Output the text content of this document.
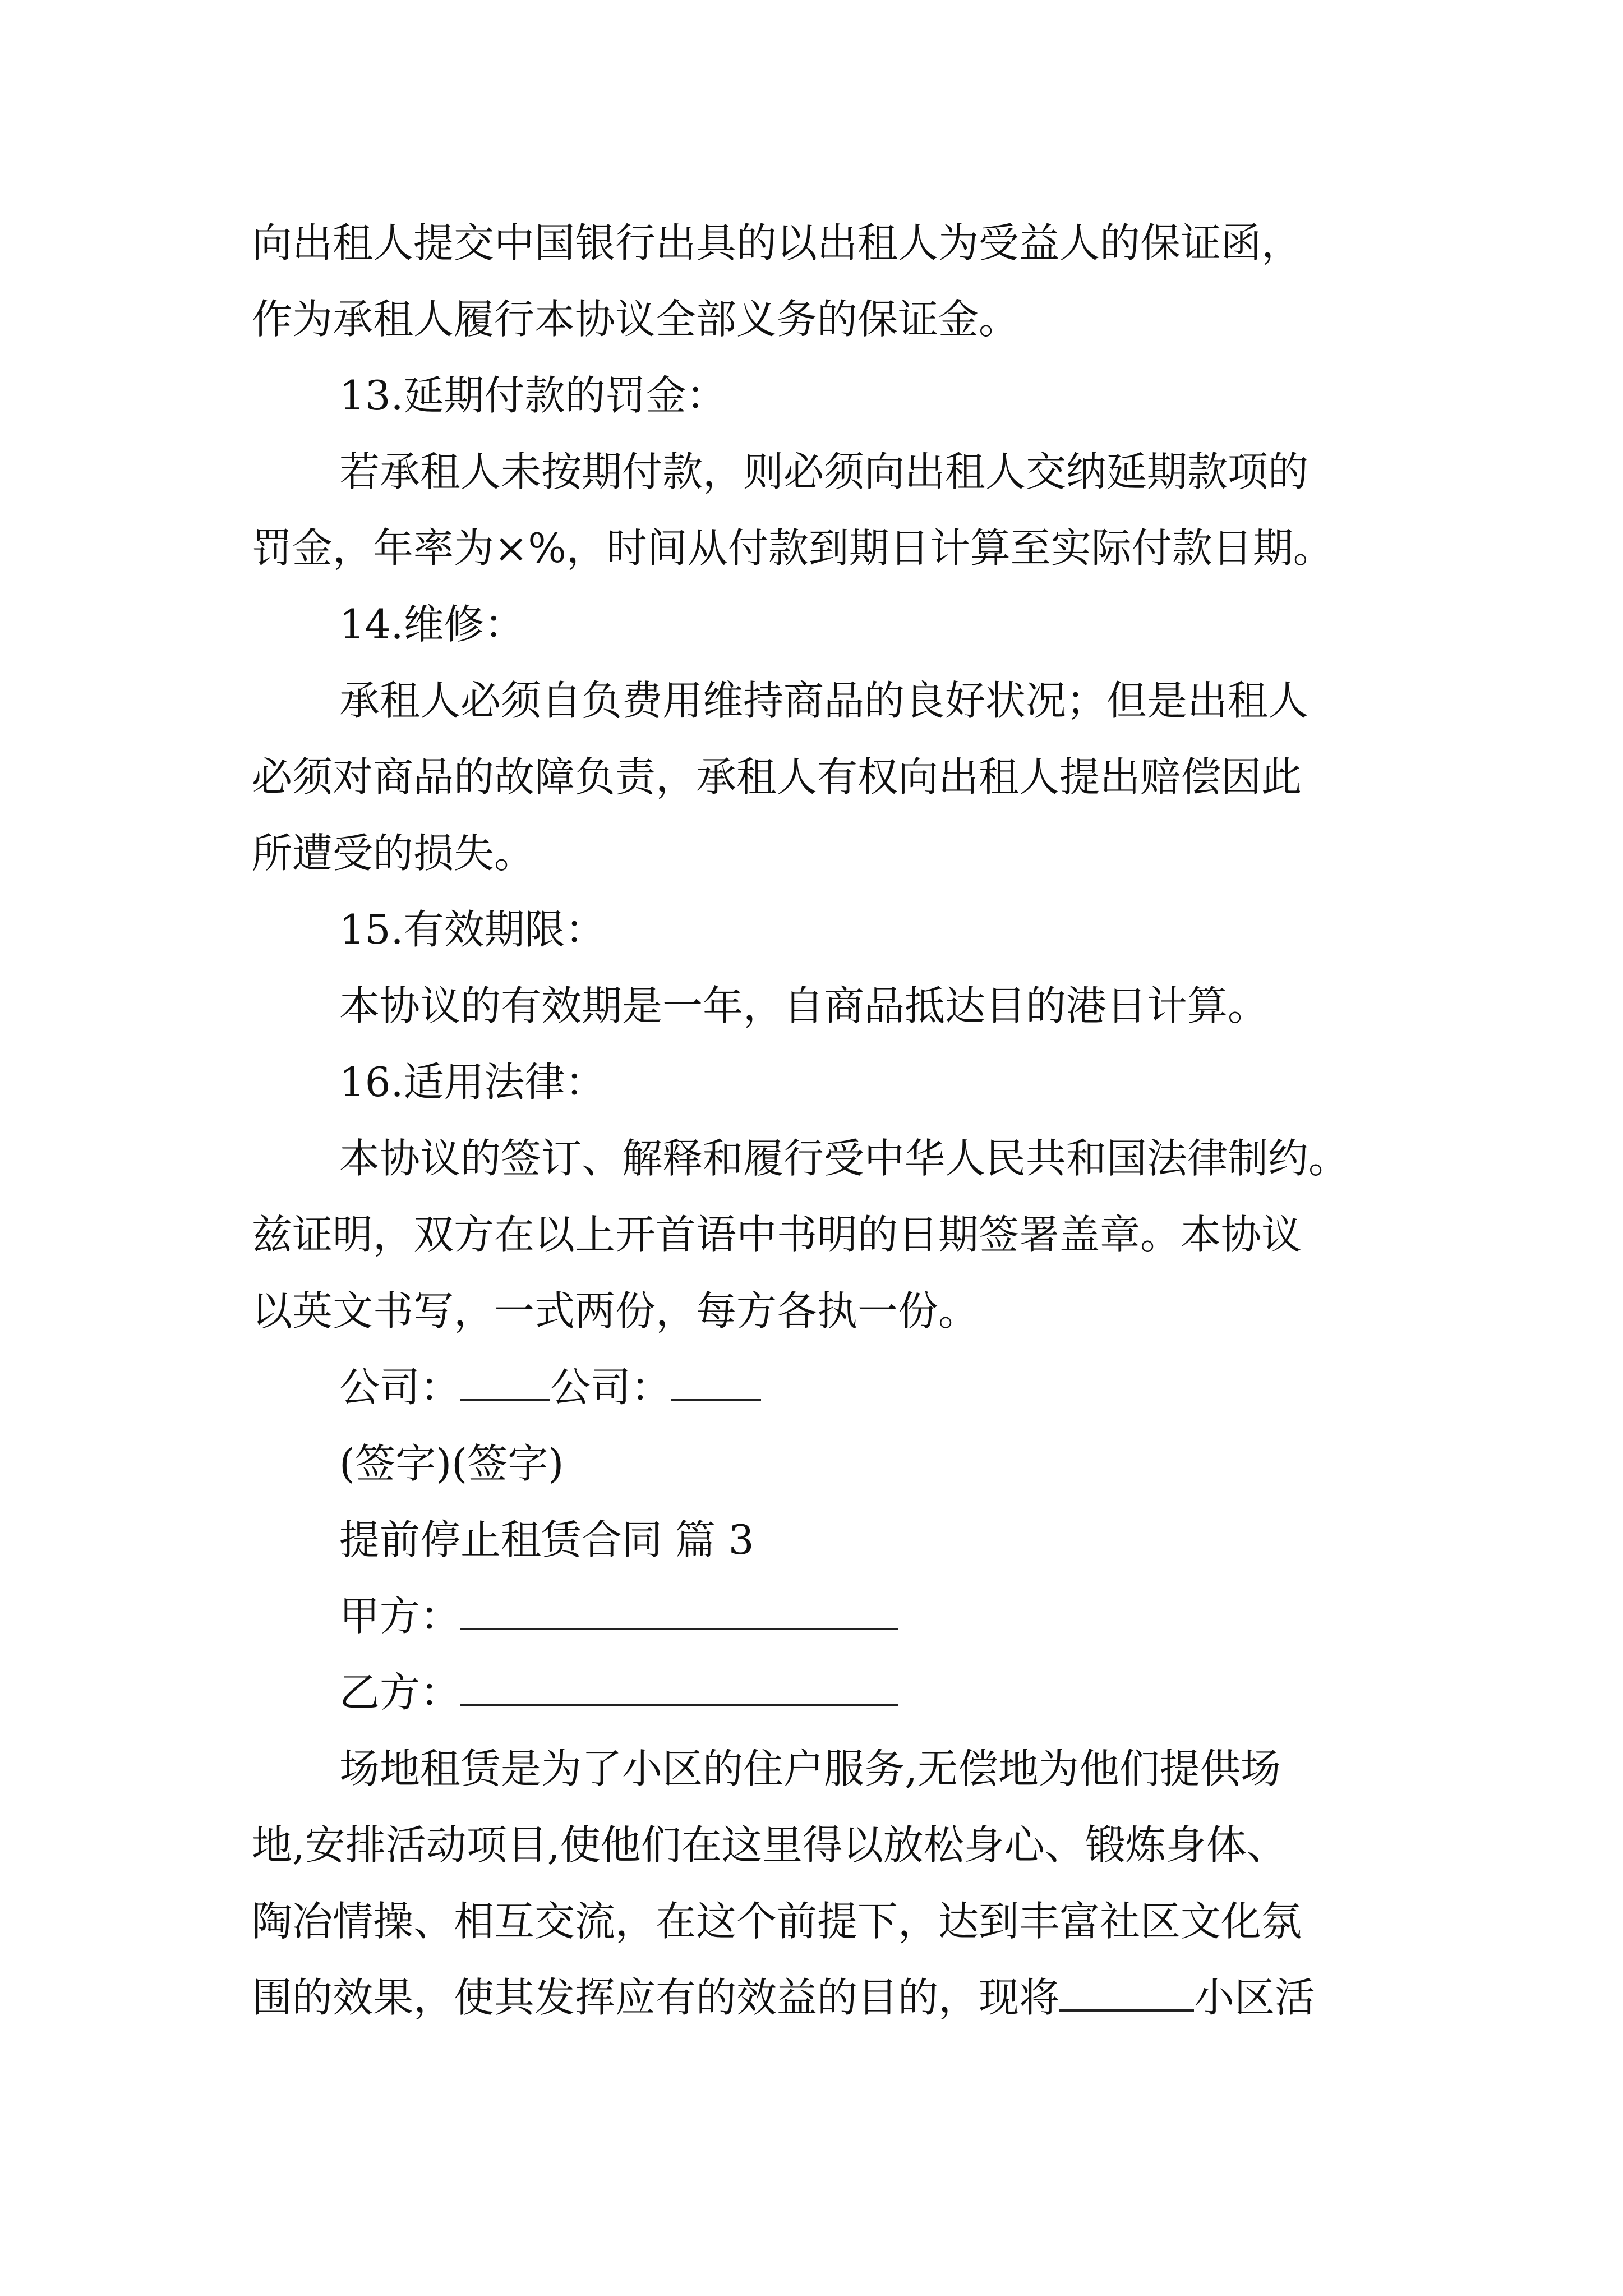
向出租人提交中国银行出具的以出租人为受益人的保证函，
作为承租人履行本协议全部义务的保证金。
13.延期付款的罚金：
若承租人未按期付款，则必须向出租人交纳延期款项的
罚金，年率为×%，时间从付款到期日计算至实际付款日期。
14.维修：
承租人必须自负费用维持商品的良好状况；但是出租人
必须对商品的故障负责，承租人有权向出租人提出赔偿因此
所遭受的损失。
15.有效期限：
本协议的有效期是一年，自商品抵达目的港日计算。
16.适用法律：
本协议的签订、解释和履行受中华人民共和国法律制约。
兹证明，双方在以上开首语中书明的日期签署盖章。本协议
以英文书写，一式两份，每方各执一份。
公司： 公司：
(签字)(签字)
提前停止租赁合同 篇 3
甲方：
乙方：
场地租赁是为了小区的住户服务,无偿地为他们提供场
地,安排活动项目,使他们在这里得以放松身心、锻炼身体、
陶冶情操、相互交流，在这个前提下，达到丰富社区文化氛
围的效果，使其发挥应有的效益的目的，现将	小区活
